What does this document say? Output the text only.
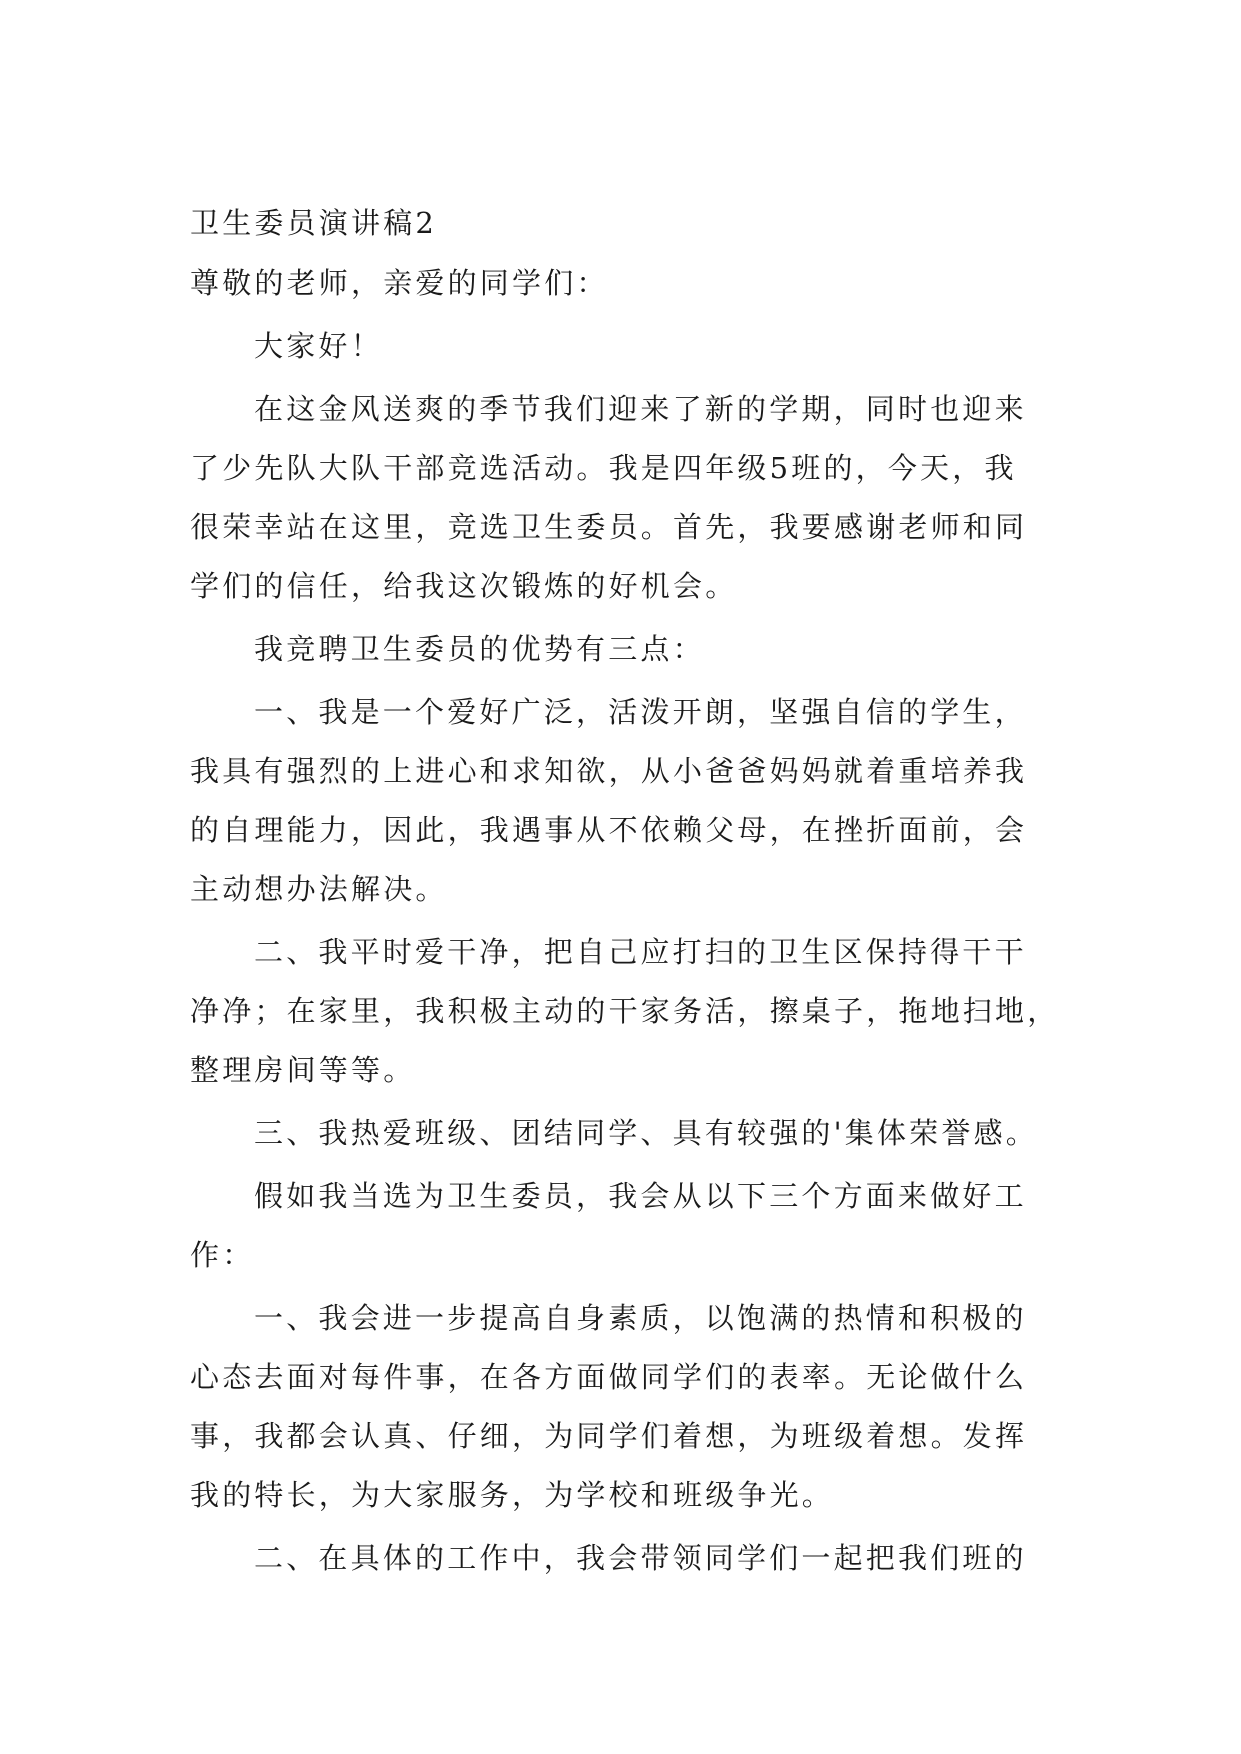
卫生委员演讲稿2

尊敬的老师，亲爱的同学们：

大家好！

在这金风送爽的季节我们迎来了新的学期，同时也迎来

了少先队大队干部竞选活动。我是四年级5班的，今天，我

很荣幸站在这里，竞选卫生委员。首先，我要感谢老师和同

学们的信任，给我这次锻炼的好机会。

我竞聘卫生委员的优势有三点：

一、我是一个爱好广泛，活泼开朗，坚强自信的学生，

我具有强烈的上进心和求知欲，从小爸爸妈妈就着重培养我

的自理能力，因此，我遇事从不依赖父母，在挫折面前，会

主动想办法解决。

二、我平时爱干净，把自己应打扫的卫生区保持得干干

净净；在家里，我积极主动的干家务活，擦桌子，拖地扫地，

整理房间等等。

三、我热爱班级、团结同学、具有较强的'集体荣誉感。

假如我当选为卫生委员，我会从以下三个方面来做好工

作：

一、我会进一步提高自身素质，以饱满的热情和积极的

心态去面对每件事，在各方面做同学们的表率。无论做什么

事，我都会认真、仔细，为同学们着想，为班级着想。发挥

我的特长，为大家服务，为学校和班级争光。

二、在具体的工作中，我会带领同学们一起把我们班的
